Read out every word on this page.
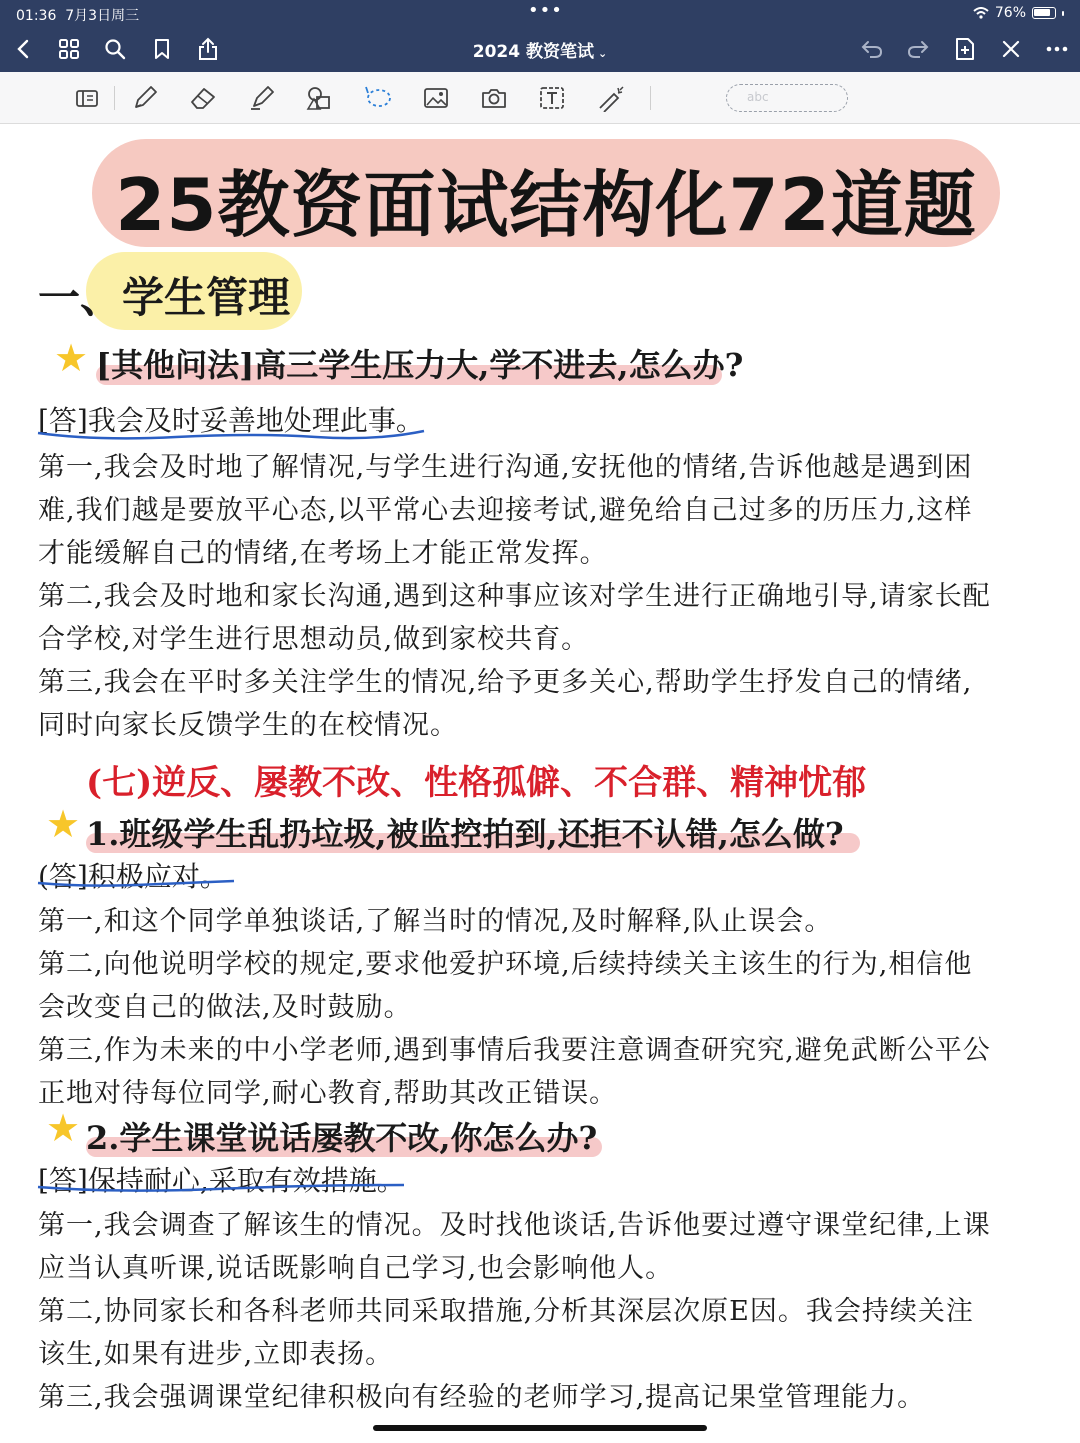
01:36 7月3日周三	•••	76%
2024 教资笔试 ⌄
abc
25教资面试结构化72道题
一、学生管理
★ [其他问法]高三学生压力大,学不进去,怎么办?
[答]我会及时妥善地处理此事。
第一,我会及时地了解情况,与学生进行沟通,安抚他的情绪,告诉他越是遇到困
难,我们越是要放平心态,以平常心去迎接考试,避免给自己过多的历压力,这样
才能缓解自己的情绪,在考场上才能正常发挥。
第二,我会及时地和家长沟通,遇到这种事应该对学生进行正确地引导,请家长配
合学校,对学生进行思想动员,做到家校共育。
第三,我会在平时多关注学生的情况,给予更多关心,帮助学生抒发自己的情绪,
同时向家长反馈学生的在校情况。
(七)逆反、屡教不改、性格孤僻、不合群、精神忧郁
★ 1.班级学生乱扔垃圾,被监控拍到,还拒不认错,怎么做?
(答]积极应对。
第一,和这个同学单独谈话,了解当时的情况,及时解释,队止误会。
第二,向他说明学校的规定,要求他爱护环境,后续持续关主该生的行为,相信他
会改变自己的做法,及时鼓励。
第三,作为未来的中小学老师,遇到事情后我要注意调查研究究,避免武断公平公
正地对待每位同学,耐心教育,帮助其改正错误。
★ 2.学生课堂说话屡教不改,你怎么办?
[答]保持耐心,采取有效措施。
第一,我会调查了解该生的情况。及时找他谈话,告诉他要过遵守课堂纪律,上课
应当认真听课,说话既影响自己学习,也会影响他人。
第二,协同家长和各科老师共同采取措施,分析其深层次原E因。我会持续关注
该生,如果有进步,立即表扬。
第三,我会强调课堂纪律积极向有经验的老师学习,提高记果堂管理能力。
